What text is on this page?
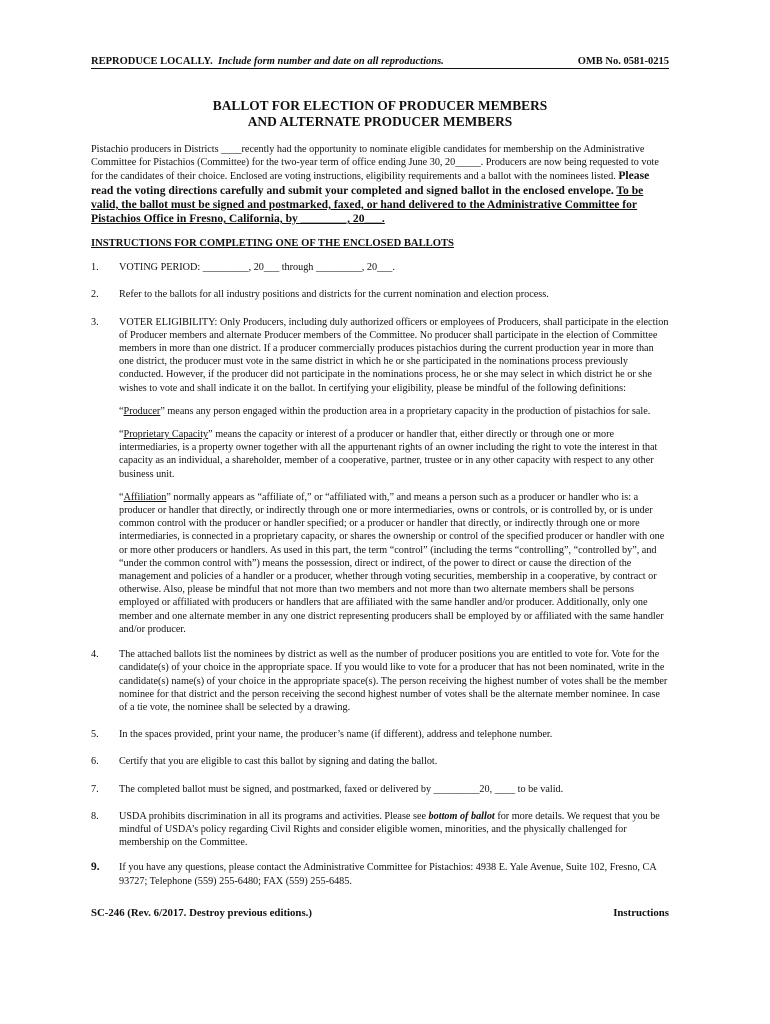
REPRODUCE LOCALLY. Include form number and date on all reproductions.	OMB No. 0581-0215
BALLOT FOR ELECTION OF PRODUCER MEMBERS
AND ALTERNATE PRODUCER MEMBERS
Pistachio producers in Districts ____recently had the opportunity to nominate eligible candidates for membership on the Administrative Committee for Pistachios (Committee) for the two-year term of office ending June 30, 20_____. Producers are now being requested to vote for the candidates of their choice. Enclosed are voting instructions, eligibility requirements and a ballot with the nominees listed. Please read the voting directions carefully and submit your completed and signed ballot in the enclosed envelope. To be valid, the ballot must be signed and postmarked, faxed, or hand delivered to the Administrative Committee for Pistachios Office in Fresno, California, by ________, 20___.
INSTRUCTIONS FOR COMPLETING ONE OF THE ENCLOSED BALLOTS
1.	VOTING PERIOD: _________, 20___ through _________, 20___.
2.	Refer to the ballots for all industry positions and districts for the current nomination and election process.
3.	VOTER ELIGIBILITY: Only Producers, including duly authorized officers or employees of Producers, shall participate in the election of Producer members and alternate Producer members of the Committee. No producer shall participate in the election of Committee members in more than one district. If a producer commercially produces pistachios during the current production year in more than one district, the producer must vote in the same district in which he or she participated in the nominations process previously conducted. However, if the producer did not participate in the nominations process, he or she may select in which district he or she wishes to vote and shall indicate it on the ballot. In certifying your eligibility, please be mindful of the following definitions:
“Producer” means any person engaged within the production area in a proprietary capacity in the production of pistachios for sale.
“Proprietary Capacity” means the capacity or interest of a producer or handler that, either directly or through one or more intermediaries, is a property owner together with all the appurtenant rights of an owner including the right to vote the interest in that capacity as an individual, a shareholder, member of a cooperative, partner, trustee or in any other capacity with respect to any other business unit.
“Affiliation” normally appears as “affiliate of,” or “affiliated with,” and means a person such as a producer or handler who is: a producer or handler that directly, or indirectly through one or more intermediaries, owns or controls, or is controlled by, or is under common control with the producer or handler specified; or a producer or handler that directly, or indirectly through one or more intermediaries, is connected in a proprietary capacity, or shares the ownership or control of the specified producer or handler with one or more other producers or handlers. As used in this part, the term “control” (including the terms “controlling”, “controlled by”, and “under the common control with”) means the possession, direct or indirect, of the power to direct or cause the direction of the management and policies of a handler or a producer, whether through voting securities, membership in a cooperative, by contract or otherwise. Also, please be mindful that not more than two members and not more than two alternate members shall be persons employed or affiliated with producers or handlers that are affiliated with the same handler and/or producer. Additionally, only one member and one alternate member in any one district representing producers shall be employed by or affiliated with the same handler and/or producer.
4.	The attached ballots list the nominees by district as well as the number of producer positions you are entitled to vote for. Vote for the candidate(s) of your choice in the appropriate space. If you would like to vote for a producer that has not been nominated, write in the candidate(s) name(s) of your choice in the appropriate space(s). The person receiving the highest number of votes shall be the member nominee for that district and the person receiving the second highest number of votes shall be the alternate member nominee. In case of a tie vote, the nominee shall be selected by a drawing.
5.	In the spaces provided, print your name, the producer’s name (if different), address and telephone number.
6.	Certify that you are eligible to cast this ballot by signing and dating the ballot.
7.	The completed ballot must be signed, and postmarked, faxed or delivered by _________20, ____ to be valid.
8.	USDA prohibits discrimination in all its programs and activities. Please see bottom of ballot for more details. We request that you be mindful of USDA’s policy regarding Civil Rights and consider eligible women, minorities, and the physically challenged for membership on the Committee.
9.	If you have any questions, please contact the Administrative Committee for Pistachios: 4938 E. Yale Avenue, Suite 102, Fresno, CA 93727; Telephone (559) 255-6480; FAX (559) 255-6485.
SC-246 (Rev. 6/2017. Destroy previous editions.)	Instructions
